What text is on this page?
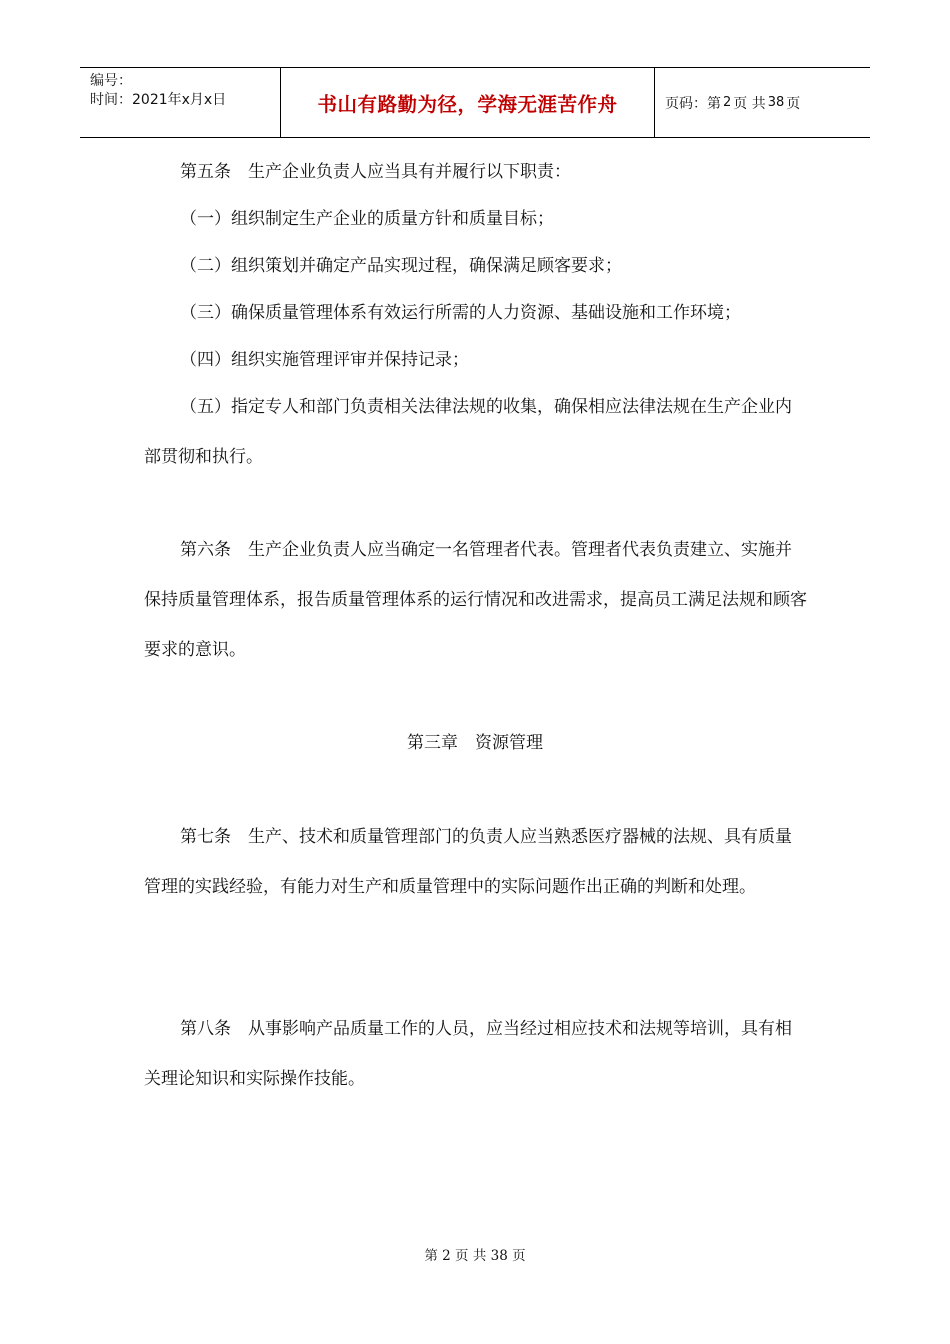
编号：
时间：2021年x月x日	书山有路勤为径，学海无涯苦作舟	页码：第 2 页 共 38 页

第五条　生产企业负责人应当具有并履行以下职责：

（一）组织制定生产企业的质量方针和质量目标；

（二）组织策划并确定产品实现过程，确保满足顾客要求；

（三）确保质量管理体系有效运行所需的人力资源、基础设施和工作环境；

（四）组织实施管理评审并保持记录；

（五）指定专人和部门负责相关法律法规的收集，确保相应法律法规在生产企业内部贯彻和执行。

第六条　生产企业负责人应当确定一名管理者代表。管理者代表负责建立、实施并保持质量管理体系，报告质量管理体系的运行情况和改进需求，提高员工满足法规和顾客要求的意识。

第三章　资源管理

第七条　生产、技术和质量管理部门的负责人应当熟悉医疗器械的法规、具有质量管理的实践经验，有能力对生产和质量管理中的实际问题作出正确的判断和处理。

第八条　从事影响产品质量工作的人员，应当经过相应技术和法规等培训，具有相关理论知识和实际操作技能。

第 2 页 共 38 页
